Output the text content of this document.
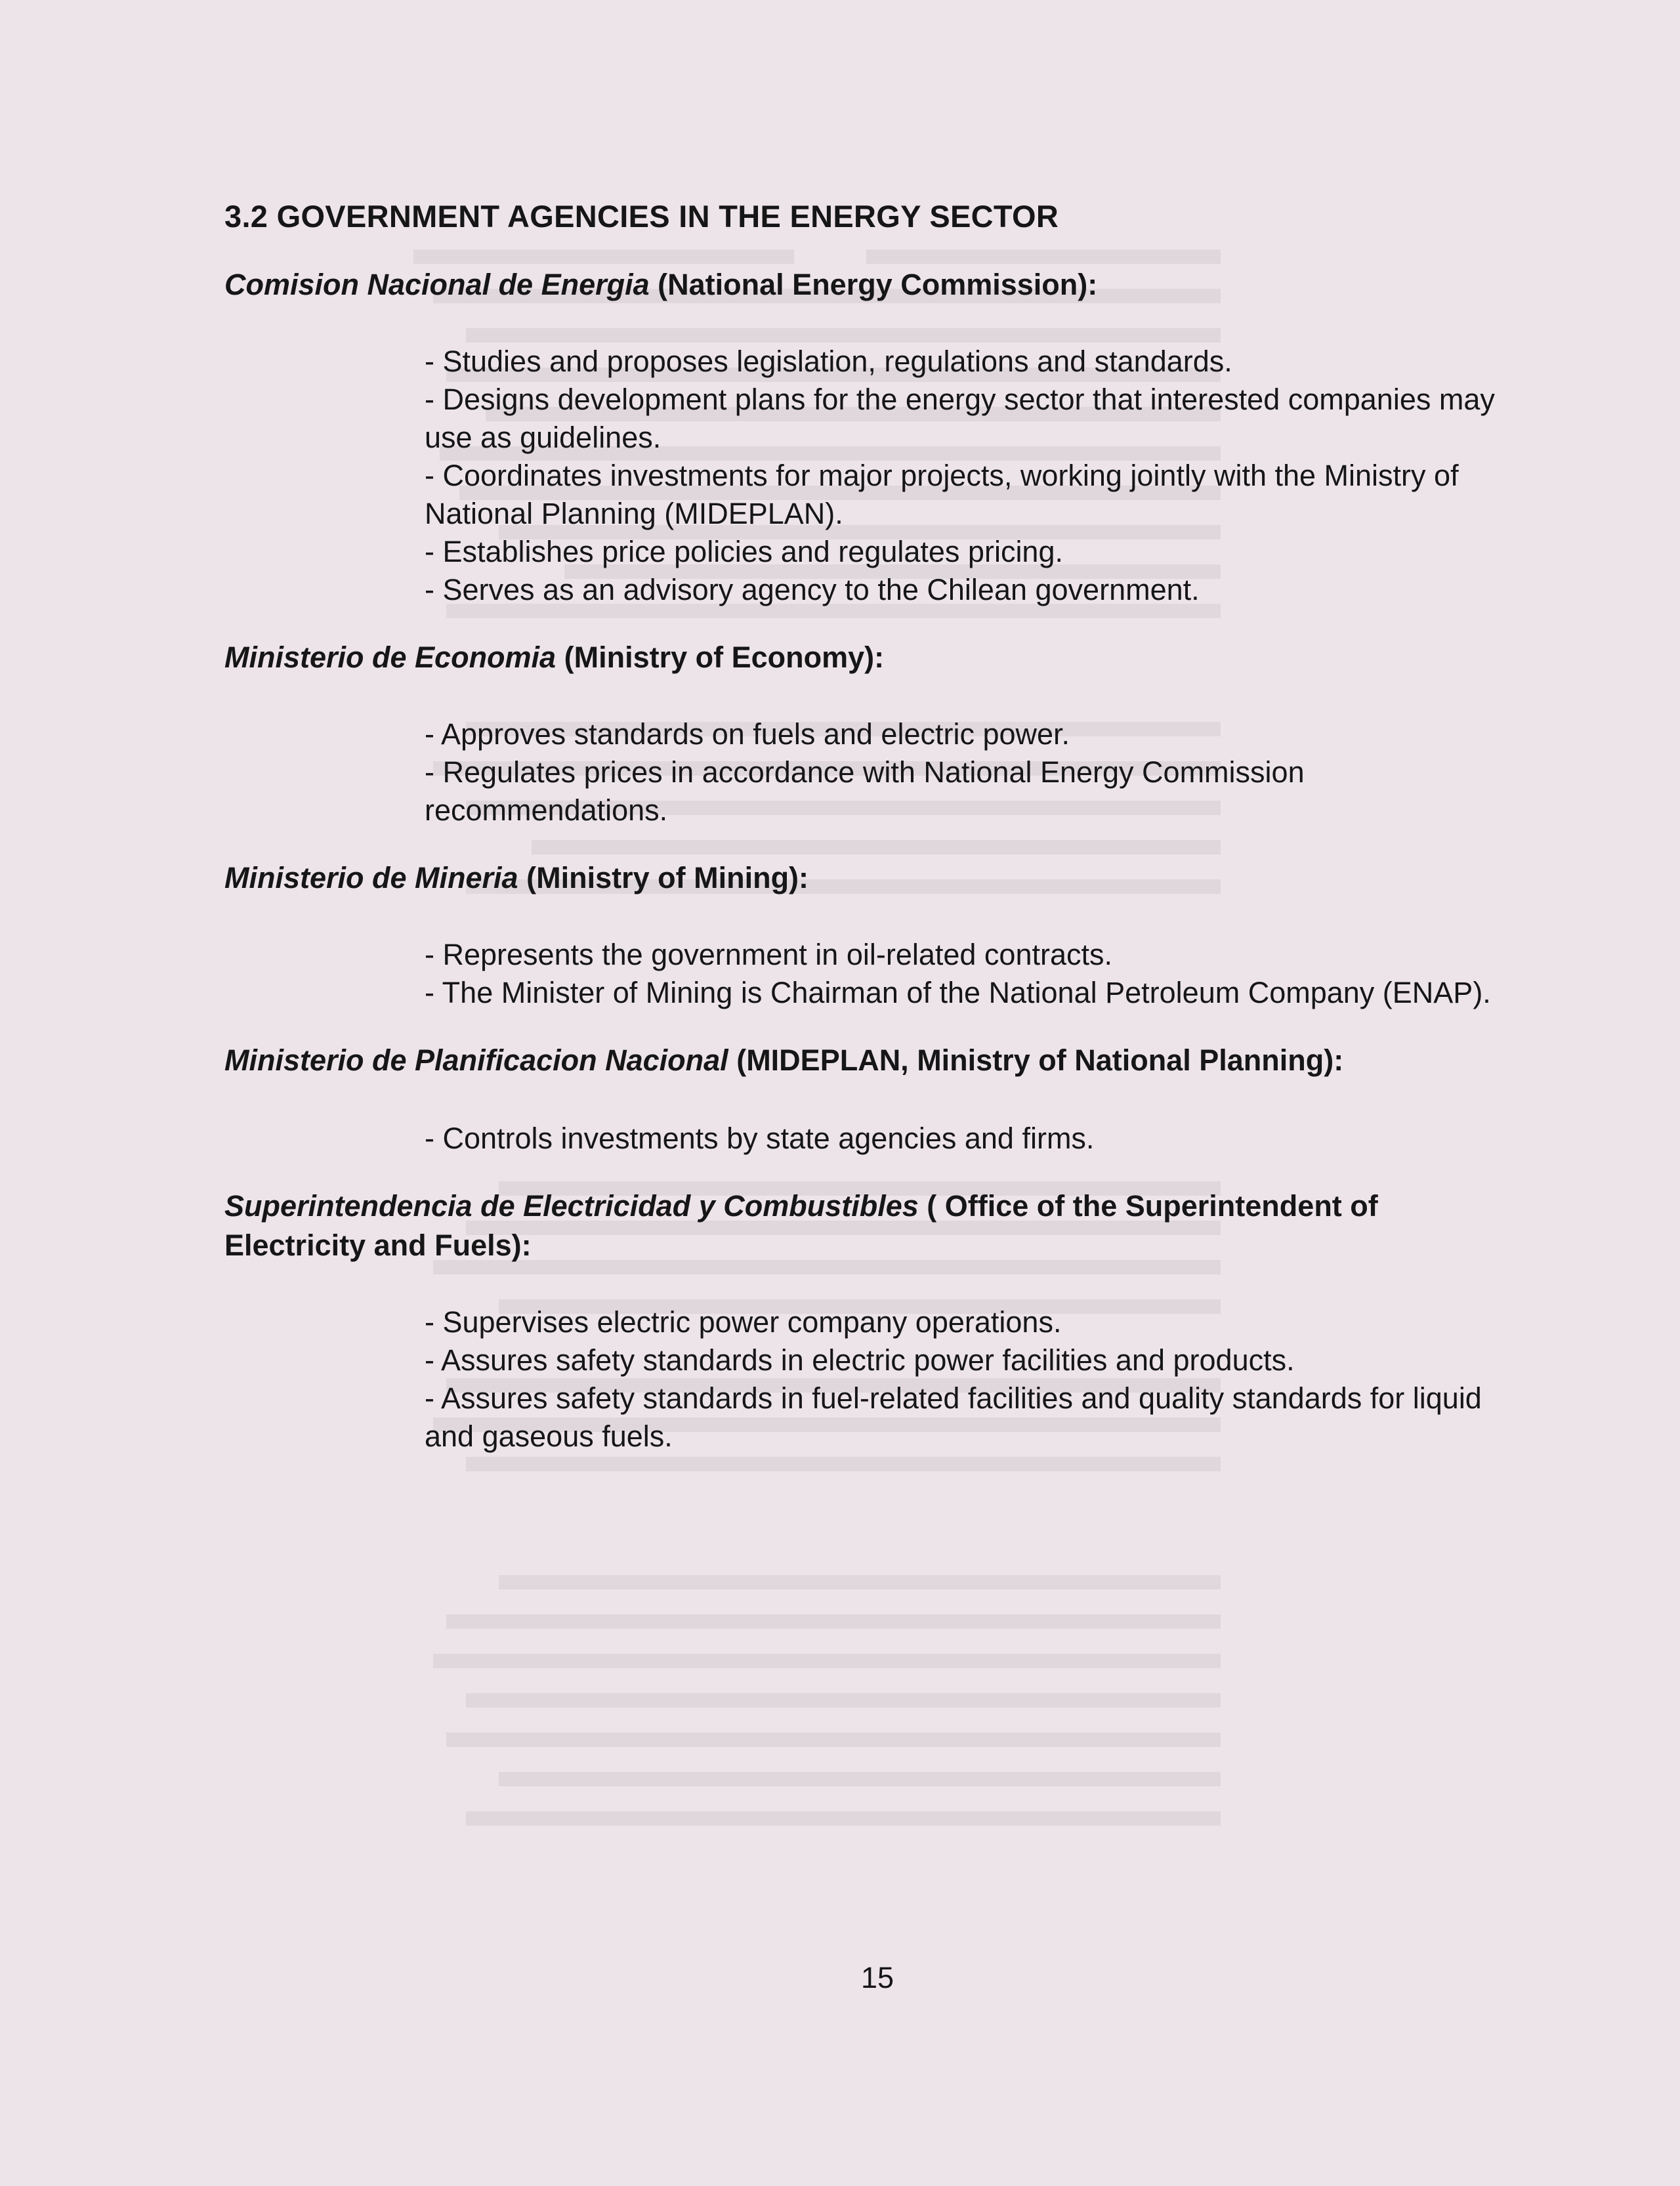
3.2 GOVERNMENT AGENCIES IN THE ENERGY SECTOR

Comision Nacional de Energia (National Energy Commission):

- Studies and proposes legislation, regulations and standards.
- Designs development plans for the energy sector that interested companies may use as guidelines.
- Coordinates investments for major projects, working jointly with the Ministry of National Planning (MIDEPLAN).
- Establishes price policies and regulates pricing.
- Serves as an advisory agency to the Chilean government.

Ministerio de Economia (Ministry of Economy):

- Approves standards on fuels and electric power.
- Regulates prices in accordance with National Energy Commission recommendations.

Ministerio de Mineria (Ministry of Mining):

- Represents the government in oil-related contracts.
- The Minister of Mining is Chairman of the National Petroleum Company (ENAP).

Ministerio de Planificacion Nacional (MIDEPLAN, Ministry of National Planning):

- Controls investments by state agencies and firms.

Superintendencia de Electricidad y Combustibles ( Office of the Superintendent of Electricity and Fuels):

- Supervises electric power company operations.
- Assures safety standards in electric power facilities and products.
- Assures safety standards in fuel-related facilities and quality standards for liquid and gaseous fuels.
15
